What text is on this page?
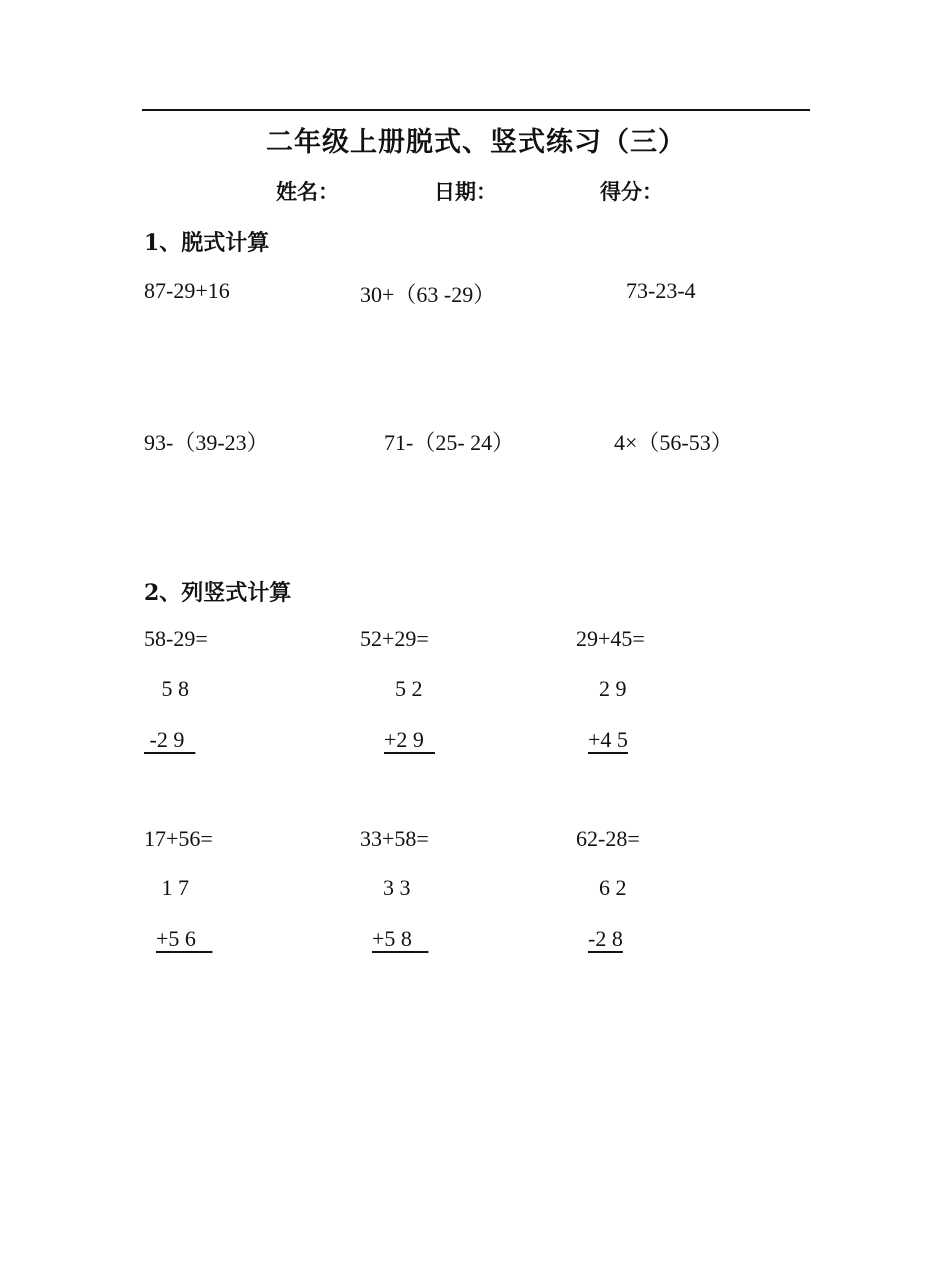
二年级上册脱式、竖式练习（三）
姓名：	日期：	得分：
1、脱式计算
87-29+16	30+（63 -29）	73-23-4
93-（39-23）	71-（25- 24）	4×（56-53）
2、列竖式计算
58-29=
5 8
-2 9
52+29=
5 2
+2 9
29+45=
2 9
+4 5
17+56=
1 7
+5 6
33+58=
3 3
+5 8
62-28=
6 2
-2 8
